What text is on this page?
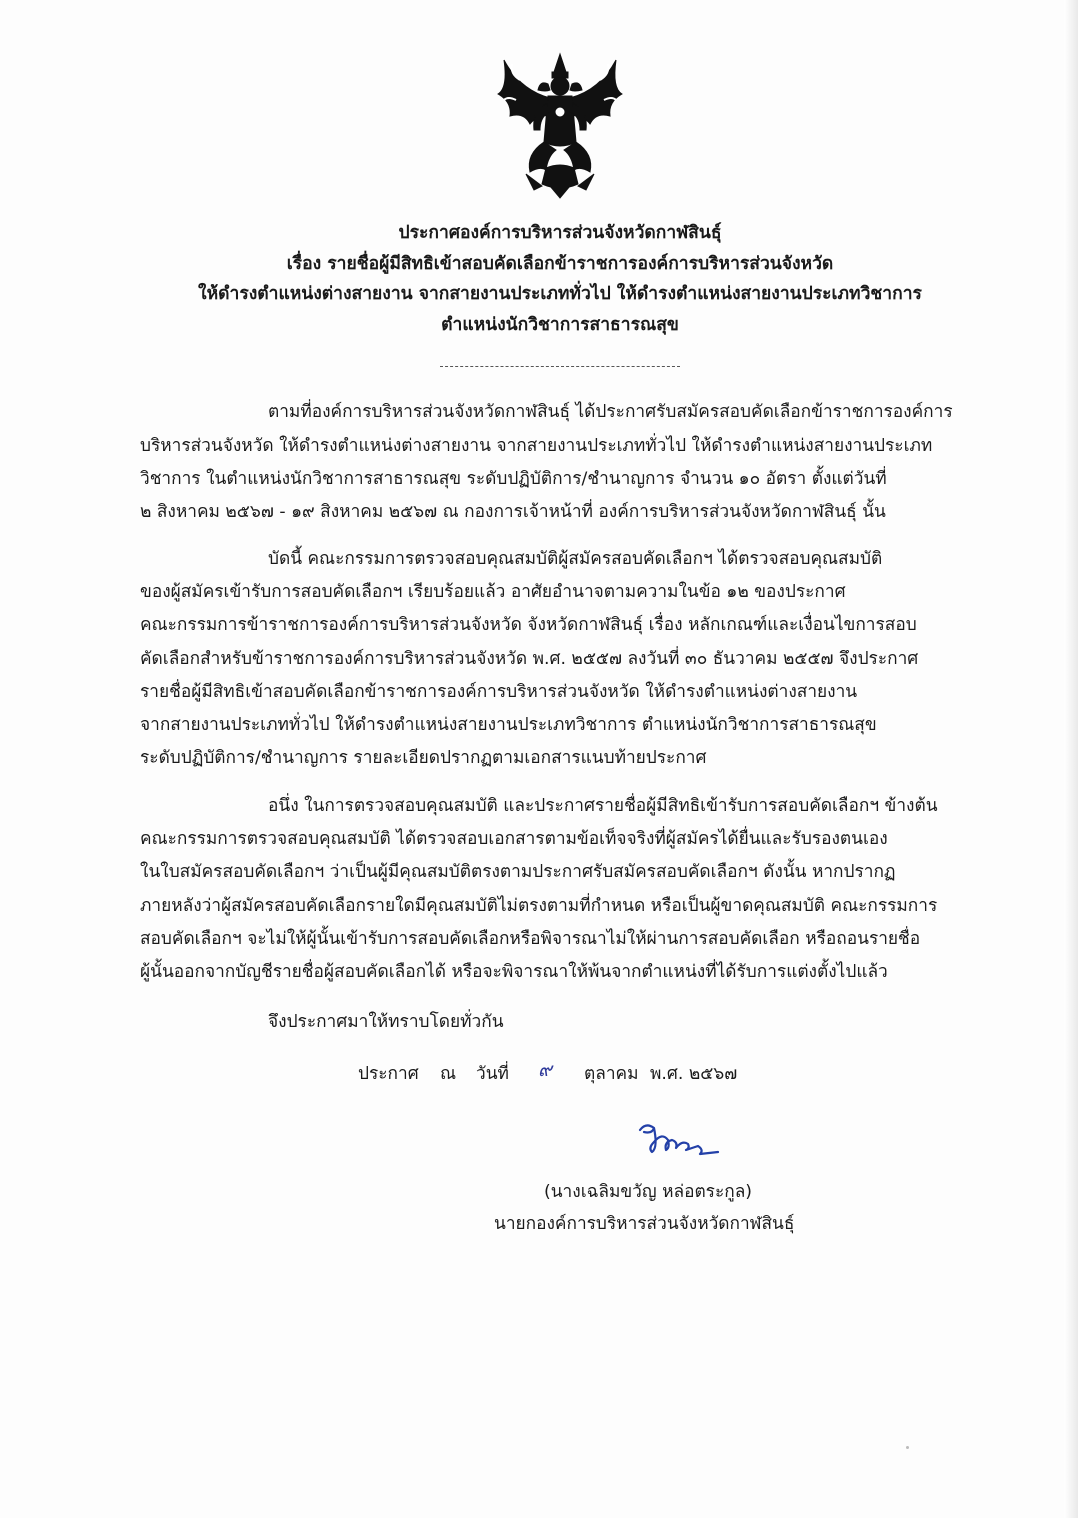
ประกาศองค์การบริหารส่วนจังหวัดกาฬสินธุ์
เรื่อง รายชื่อผู้มีสิทธิเข้าสอบคัดเลือกข้าราชการองค์การบริหารส่วนจังหวัด
ให้ดำรงตำแหน่งต่างสายงาน จากสายงานประเภททั่วไป ให้ดำรงตำแหน่งสายงานประเภทวิชาการ
ตำแหน่งนักวิชาการสาธารณสุข
ตามที่องค์การบริหารส่วนจังหวัดกาฬสินธุ์ ได้ประกาศรับสมัครสอบคัดเลือกข้าราชการองค์การ
บริหารส่วนจังหวัด ให้ดำรงตำแหน่งต่างสายงาน จากสายงานประเภททั่วไป ให้ดำรงตำแหน่งสายงานประเภท
วิชาการ ในตำแหน่งนักวิชาการสาธารณสุข ระดับปฏิบัติการ/ชำนาญการ จำนวน ๑๐ อัตรา ตั้งแต่วันที่
๒ สิงหาคม ๒๕๖๗ - ๑๙ สิงหาคม ๒๕๖๗ ณ กองการเจ้าหน้าที่ องค์การบริหารส่วนจังหวัดกาฬสินธุ์ นั้น
บัดนี้ คณะกรรมการตรวจสอบคุณสมบัติผู้สมัครสอบคัดเลือกฯ ได้ตรวจสอบคุณสมบัติ
ของผู้สมัครเข้ารับการสอบคัดเลือกฯ เรียบร้อยแล้ว อาศัยอำนาจตามความในข้อ ๑๒ ของประกาศ
คณะกรรมการข้าราชการองค์การบริหารส่วนจังหวัด จังหวัดกาฬสินธุ์ เรื่อง หลักเกณฑ์และเงื่อนไขการสอบ
คัดเลือกสำหรับข้าราชการองค์การบริหารส่วนจังหวัด พ.ศ. ๒๕๕๗ ลงวันที่ ๓๐ ธันวาคม ๒๕๕๗ จึงประกาศ
รายชื่อผู้มีสิทธิเข้าสอบคัดเลือกข้าราชการองค์การบริหารส่วนจังหวัด ให้ดำรงตำแหน่งต่างสายงาน
จากสายงานประเภททั่วไป ให้ดำรงตำแหน่งสายงานประเภทวิชาการ ตำแหน่งนักวิชาการสาธารณสุข
ระดับปฏิบัติการ/ชำนาญการ รายละเอียดปรากฏตามเอกสารแนบท้ายประกาศ
อนึ่ง ในการตรวจสอบคุณสมบัติ และประกาศรายชื่อผู้มีสิทธิเข้ารับการสอบคัดเลือกฯ ข้างต้น
คณะกรรมการตรวจสอบคุณสมบัติ ได้ตรวจสอบเอกสารตามข้อเท็จจริงที่ผู้สมัครได้ยื่นและรับรองตนเอง
ในใบสมัครสอบคัดเลือกฯ ว่าเป็นผู้มีคุณสมบัติตรงตามประกาศรับสมัครสอบคัดเลือกฯ ดังนั้น หากปรากฏ
ภายหลังว่าผู้สมัครสอบคัดเลือกรายใดมีคุณสมบัติไม่ตรงตามที่กำหนด หรือเป็นผู้ขาดคุณสมบัติ คณะกรรมการ
สอบคัดเลือกฯ จะไม่ให้ผู้นั้นเข้ารับการสอบคัดเลือกหรือพิจารณาไม่ให้ผ่านการสอบคัดเลือก หรือถอนรายชื่อ
ผู้นั้นออกจากบัญชีรายชื่อผู้สอบคัดเลือกได้ หรือจะพิจารณาให้พ้นจากตำแหน่งที่ได้รับการแต่งตั้งไปแล้ว
จึงประกาศมาให้ทราบโดยทั่วกัน
ประกาศ ณ วันที่ ๙ ตุลาคม พ.ศ. ๒๕๖๗
(นางเฉลิมขวัญ หล่อตระกูล)
นายกองค์การบริหารส่วนจังหวัดกาฬสินธุ์
